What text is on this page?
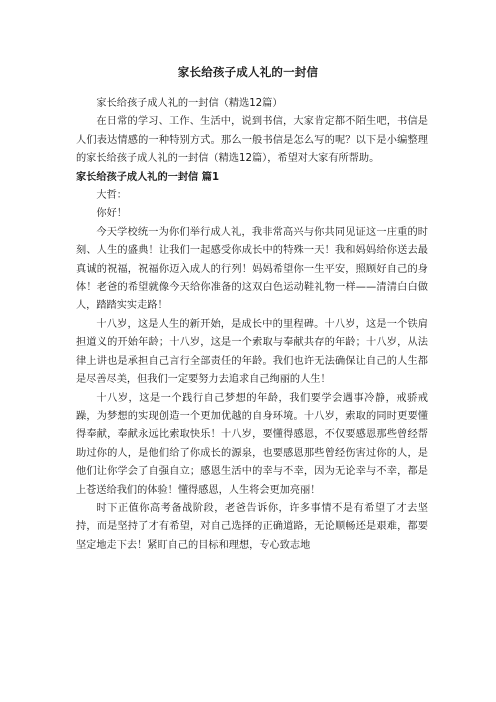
家长给孩子成人礼的一封信

家长给孩子成人礼的一封信（精选12篇）

在日常的学习、工作、生活中，说到书信，大家肯定都不陌生吧，书信是人们表达情感的一种特别方式。那么一般书信是怎么写的呢？以下是小编整理的家长给孩子成人礼的一封信（精选12篇），希望对大家有所帮助。

家长给孩子成人礼的一封信 篇1

大哲：

你好！

今天学校统一为你们举行成人礼，我非常高兴与你共同见证这一庄重的时刻、人生的盛典！让我们一起感受你成长中的特殊一天！我和妈妈给你送去最真诚的祝福，祝福你迈入成人的行列！妈妈希望你一生平安，照顾好自己的身体！老爸的希望就像今天给你准备的这双白色运动鞋礼物一样——清清白白做人，踏踏实实走路！

十八岁，这是人生的新开始，是成长中的里程碑。十八岁，这是一个铁肩担道义的开始年龄；十八岁，这是一个索取与奉献共存的年龄；十八岁，从法律上讲也是承担自己言行全部责任的年龄。我们也许无法确保让自己的人生都是尽善尽美，但我们一定要努力去追求自己绚丽的人生！

十八岁，这是一个践行自己梦想的年龄，我们要学会遇事冷静，戒骄戒躁，为梦想的实现创造一个更加优越的自身环境。十八岁，索取的同时更要懂得奉献，奉献永远比索取快乐！十八岁，要懂得感恩，不仅要感恩那些曾经帮助过你的人，是他们给了你成长的源泉，也要感恩那些曾经伤害过你的人，是他们让你学会了自强自立；感恩生活中的幸与不幸，因为无论幸与不幸，都是上苍送给我们的体验！懂得感恩，人生将会更加亮丽！

时下正值你高考备战阶段，老爸告诉你，许多事情不是有希望了才去坚持，而是坚持了才有希望，对自己选择的正确道路，无论顺畅还是艰难，都要坚定地走下去！紧盯自己的目标和理想，专心致志地
